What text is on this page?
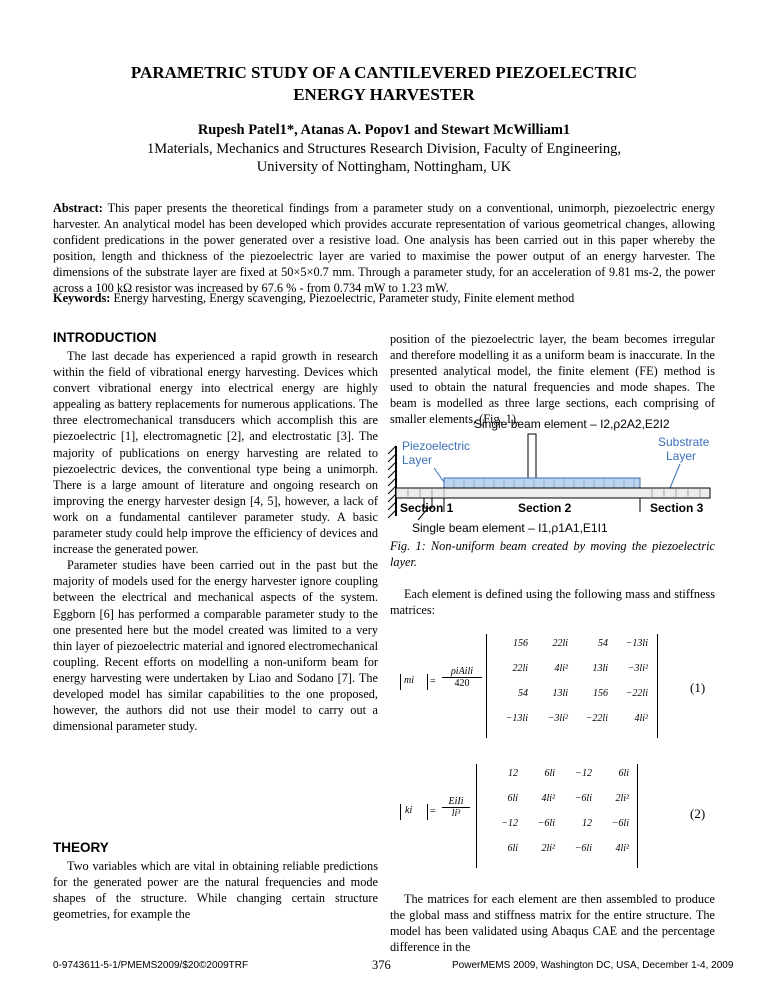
PARAMETRIC STUDY OF A CANTILEVERED PIEZOELECTRIC
ENERGY HARVESTER
Rupesh Patel1*, Atanas A. Popov1 and Stewart McWilliam1
1Materials, Mechanics and Structures Research Division, Faculty of Engineering,
University of Nottingham, Nottingham, UK
Abstract: This paper presents the theoretical findings from a parameter study on a conventional, unimorph, piezoelectric energy harvester. An analytical model has been developed which provides accurate representation of various geometrical changes, allowing confident predications in the power generated over a resistive load. One analysis has been carried out in this paper whereby the position, length and thickness of the piezoelectric layer are varied to maximise the power output of an energy harvester. The dimensions of the substrate layer are fixed at 50×5×0.7 mm. Through a parameter study, for an acceleration of 9.81 ms-2, the power across a 100 kΩ resistor was increased by 67.6 % - from 0.734 mW to 1.23 mW.
Keywords: Energy harvesting, Energy scavenging, Piezoelectric, Parameter study, Finite element method
INTRODUCTION

The last decade has experienced a rapid growth in research within the field of vibrational energy harvesting. Devices which convert vibrational energy into electrical energy are highly appealing as battery replacements for numerous applications. The three electromechanical transducers which accomplish this are piezoelectric [1], electromagnetic [2], and electrostatic [3]. The majority of publications on energy harvesting are related to piezoelectric devices, the conventional type being a unimorph. There is a large amount of literature and ongoing research on improving the energy harvester design [4, 5], however, a lack of work on a fundamental cantilever parameter study. A basic parameter study could help improve the efficiency of devices and increase the generated power.

Parameter studies have been carried out in the past but the majority of models used for the energy harvester ignore coupling between the electrical and mechanical aspects of the system. Eggborn [6] has performed a comparable parameter study to the one presented here but the model created was limited to a very thin layer of piezoelectric material and ignored electromechanical coupling. Recent efforts on modelling a non-uniform beam for energy harvesting were undertaken by Liao and Sodano [7]. The developed model has similar capabilities to the one proposed, however, the authors did not use their model to carry out a dimensional parameter study.

THEORY

Two variables which are vital in obtaining reliable predictions for the generated power are the natural frequencies and mode shapes of the structure. While changing certain structure geometries, for example the

position of the piezoelectric layer, the beam becomes irregular and therefore modelling it as a uniform beam is inaccurate. In the presented analytical model, the finite element (FE) method is used to obtain the natural frequencies and mode shapes. The beam is modelled as three large sections, each comprising of smaller elements, (Fig. 1).

Single beam element – I2,ρ2A2,E2I2
Piezoelectric
Layer
Substrate
Layer
Section 1	Section 2	Section 3
Single beam element – I1,ρ1A1,E1I1
Fig. 1: Non-uniform beam created by moving the piezoelectric layer.

Each element is defined using the following mass and stiffness matrices:

mi =
ρiAili
420
156	22li	54	−13li
22li	4li²	13li	−3li²
54	13li	156	−22li
−13li	−3li²	−22li	4li²
(1)
ki =
EiIi
li³
12	6li	−12	6li
6li	4li²	−6li	2li²
−12	−6li	12	−6li
6li	2li²	−6li	4li²
(2)

The matrices for each element are then assembled to produce the global mass and stiffness matrix for the entire structure. The model has been validated using Abaqus CAE and the percentage difference in the

0-9743611-5-1/PMEMS2009/$20©2009TRF	376	PowerMEMS 2009, Washington DC, USA, December 1-4, 2009
